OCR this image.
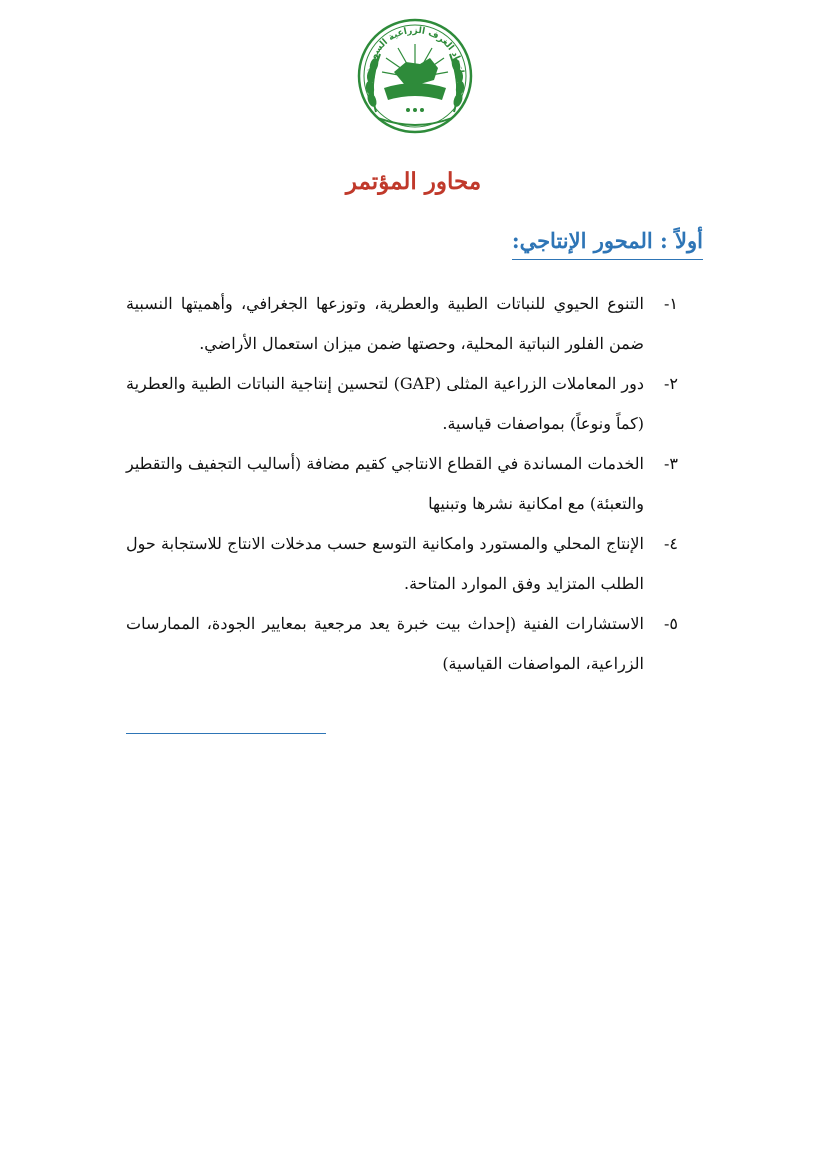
اتحاد الغرف الزراعية السورية
محاور المؤتمر
أولاً : المحور الإنتاجي:
١-
التنوع الحيوي للنباتات الطبية والعطرية، وتوزعها الجغرافي، وأهميتها النسبية ضمن الفلور النباتية المحلية، وحصتها ضمن ميزان استعمال الأراضي.
٢-
دور المعاملات الزراعية المثلى (GAP) لتحسين إنتاجية النباتات الطبية والعطرية (كماً ونوعاً) بمواصفات قياسية.
٣-
الخدمات المساندة في القطاع الانتاجي كقيم مضافة (أساليب التجفيف والتقطير والتعبئة) مع امكانية نشرها وتبنيها
٤-
الإنتاج المحلي والمستورد وامكانية التوسع حسب مدخلات الانتاج للاستجابة حول الطلب المتزايد وفق الموارد المتاحة.
٥-
الاستشارات الفنية (إحداث بيت خبرة يعد مرجعية بمعايير الجودة، الممارسات الزراعية، المواصفات القياسية)
